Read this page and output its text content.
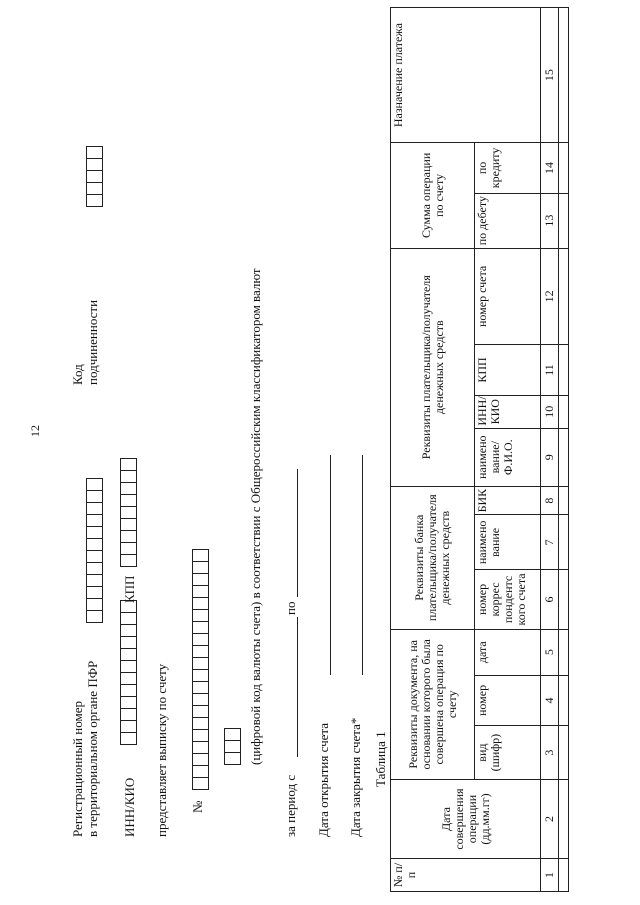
12
Регистрационный номер в территориальном органе ПФР
Код подчиненности
ИНН/КИО
КПП
представляет выписку по счету №
(цифровой код валюты счета) в соответствии с Общероссийским классификатором валют
за период с
по
Дата открытия счета Дата закрытия счета* Таблица 1
№ п/п	Дата совершения операции (дд.мм.гг)	Реквизиты документа, на основании которого была совершена операция по счету			Реквизиты банка плательщика/получателя денежных средств			Реквизиты плательщика/получателя денежных средств				Сумма операции по счету		Назначение платежа
		вид (шифр)	номер	дата	номер коррес пондентс кого счета	наимено вание	БИК	наимено вание/ Ф.И.О.	ИНН/ КИО	КПП	номер счета	по дебету	по кредиту	
1	2	3	4	5	6	7	8	9	10	11	12	13	14	15
